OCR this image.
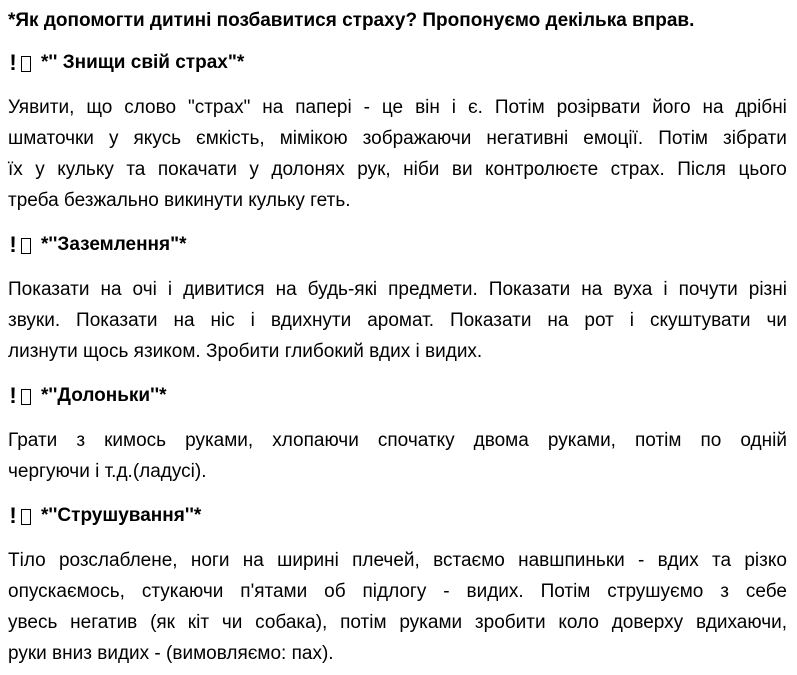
*Як допомогти дитині позбавитися страху? Пропонуємо декілька вправ.
! *'' Знищи свій страх"*
Уявити, що слово "страх" на папері - це він і є. Потім розірвати його на дрібні
шматочки у якусь ємкість, мімікою зображаючи негативні емоції. Потім зібрати
їх у кульку та покачати у долонях рук, ніби ви контролюєте страх. Після цього
треба безжально викинути кульку геть.
! *''Заземлення"*
Показати на очі і дивитися на будь-які предмети. Показати на вуха і почути різні
звуки. Показати на ніс і вдихнути аромат. Показати на рот і скуштувати чи
лизнути щось язиком. Зробити глибокий вдих і видих.
! *''Долоньки''*
Грати з кимось руками, хлопаючи спочатку двома руками, потім по одній
чергуючи і т.д.(ладусі).
! *''Струшування''*
Тіло розслаблене, ноги на ширині плечей, встаємо навшпиньки - вдих та різко
опускаємось, стукаючи п'ятами об підлогу - видих. Потім струшуємо з себе
увесь негатив (як кіт чи собака), потім руками зробити коло доверху вдихаючи,
руки вниз видих - (вимовляємо: пах).
